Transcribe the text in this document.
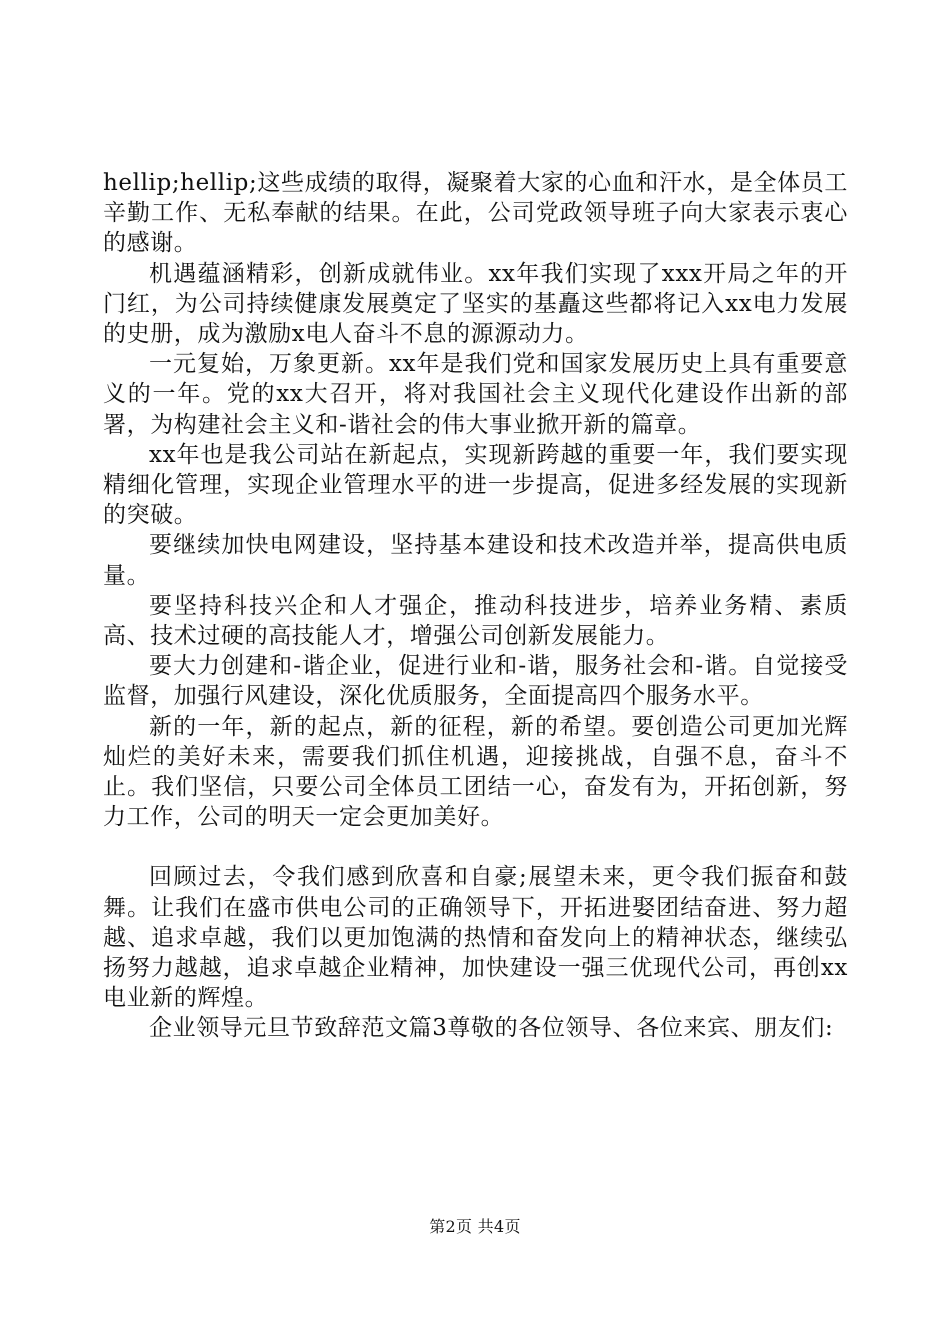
hellip;hellip;这些成绩的取得，凝聚着大家的心血和汗水，是全体员工辛勤工作、无私奉献的结果。在此，公司党政领导班子向大家表示衷心的感谢。

机遇蕴涵精彩，创新成就伟业。xx年我们实现了xxx开局之年的开门红，为公司持续健康发展奠定了坚实的基矗这些都将记入xx电力发展的史册，成为激励x电人奋斗不息的源源动力。

一元复始，万象更新。xx年是我们党和国家发展历史上具有重要意义的一年。党的xx大召开，将对我国社会主义现代化建设作出新的部署，为构建社会主义和-谐社会的伟大事业掀开新的篇章。

xx年也是我公司站在新起点，实现新跨越的重要一年，我们要实现精细化管理，实现企业管理水平的进一步提高，促进多经发展的实现新的突破。

要继续加快电网建设，坚持基本建设和技术改造并举，提高供电质量。

要坚持科技兴企和人才强企，推动科技进步，培养业务精、素质高、技术过硬的高技能人才，增强公司创新发展能力。

要大力创建和-谐企业，促进行业和-谐，服务社会和-谐。自觉接受监督，加强行风建设，深化优质服务，全面提高四个服务水平。

新的一年，新的起点，新的征程，新的希望。要创造公司更加光辉灿烂的美好未来，需要我们抓住机遇，迎接挑战，自强不息，奋斗不止。我们坚信，只要公司全体员工团结一心，奋发有为，开拓创新，努力工作，公司的明天一定会更加美好。

回顾过去，令我们感到欣喜和自豪;展望未来，更令我们振奋和鼓舞。让我们在盛市供电公司的正确领导下，开拓进娶团结奋进、努力超越、追求卓越，我们以更加饱满的热情和奋发向上的精神状态，继续弘扬努力越越，追求卓越企业精神，加快建设一强三优现代公司，再创xx电业新的辉煌。

企业领导元旦节致辞范文篇3尊敬的各位领导、各位来宾、朋友们:

第2页 共4页
